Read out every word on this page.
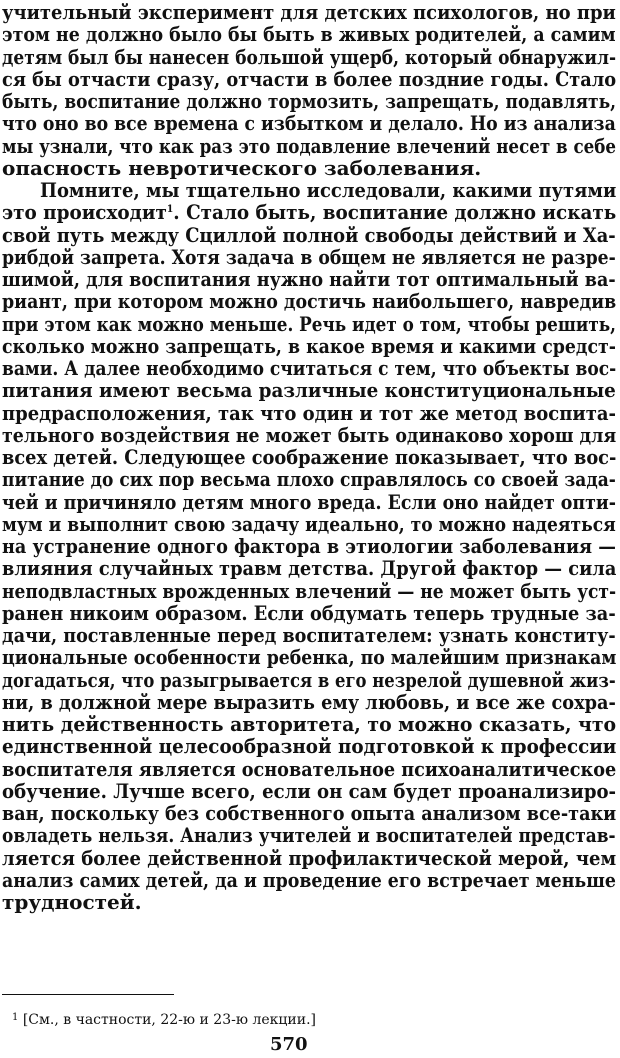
учительный эксперимент для детских психологов, но при
этом не должно было бы быть в живых родителей, а самим
детям был бы нанесен большой ущерб, который обнаружил-
ся бы отчасти сразу, отчасти в более поздние годы. Стало
быть, воспитание должно тормозить, запрещать, подавлять,
что оно во все времена с избытком и делало. Но из анализа
мы узнали, что как раз это подавление влечений несет в себе
опасность невротического заболевания.
Помните, мы тщательно исследовали, какими путями
это происходит$^1$. Стало быть, воспитание должно искать
свой путь между Сциллой полной свободы действий и Ха-
рибдой запрета. Хотя задача в общем не является не разре-
шимой, для воспитания нужно найти тот оптимальный ва-
риант, при котором можно достичь наибольшего, навредив
при этом как можно меньше. Речь идет о том, чтобы решить,
сколько можно запрещать, в какое время и какими средст-
вами. А далее необходимо считаться с тем, что объекты вос-
питания имеют весьма различные конституциональные
предрасположения, так что один и тот же метод воспита-
тельного воздействия не может быть одинаково хорош для
всех детей. Следующее соображение показывает, что вос-
питание до сих пор весьма плохо справлялось со своей зада-
чей и причиняло детям много вреда. Если оно найдет опти-
мум и выполнит свою задачу идеально, то можно надеяться
на устранение одного фактора в этиологии заболевания —
влияния случайных травм детства. Другой фактор — сила
неподвластных врожденных влечений — не может быть уст-
ранен никоим образом. Если обдумать теперь трудные за-
дачи, поставленные перед воспитателем: узнать конститу-
циональные особенности ребенка, по малейшим признакам
догадаться, что разыгрывается в его незрелой душевной жиз-
ни, в должной мере выразить ему любовь, и все же сохра-
нить действенность авторитета, то можно сказать, что
единственной целесообразной подготовкой к профессии
воспитателя является основательное психоаналитическое
обучение. Лучше всего, если он сам будет проанализиро-
ван, поскольку без собственного опыта анализом все-таки
овладеть нельзя. Анализ учителей и воспитателей представ-
ляется более действенной профилактической мерой, чем
анализ самих детей, да и проведение его встречает меньше
трудностей.
$^1$ [См., в частности, 22-ю и 23-ю лекции.]
570
